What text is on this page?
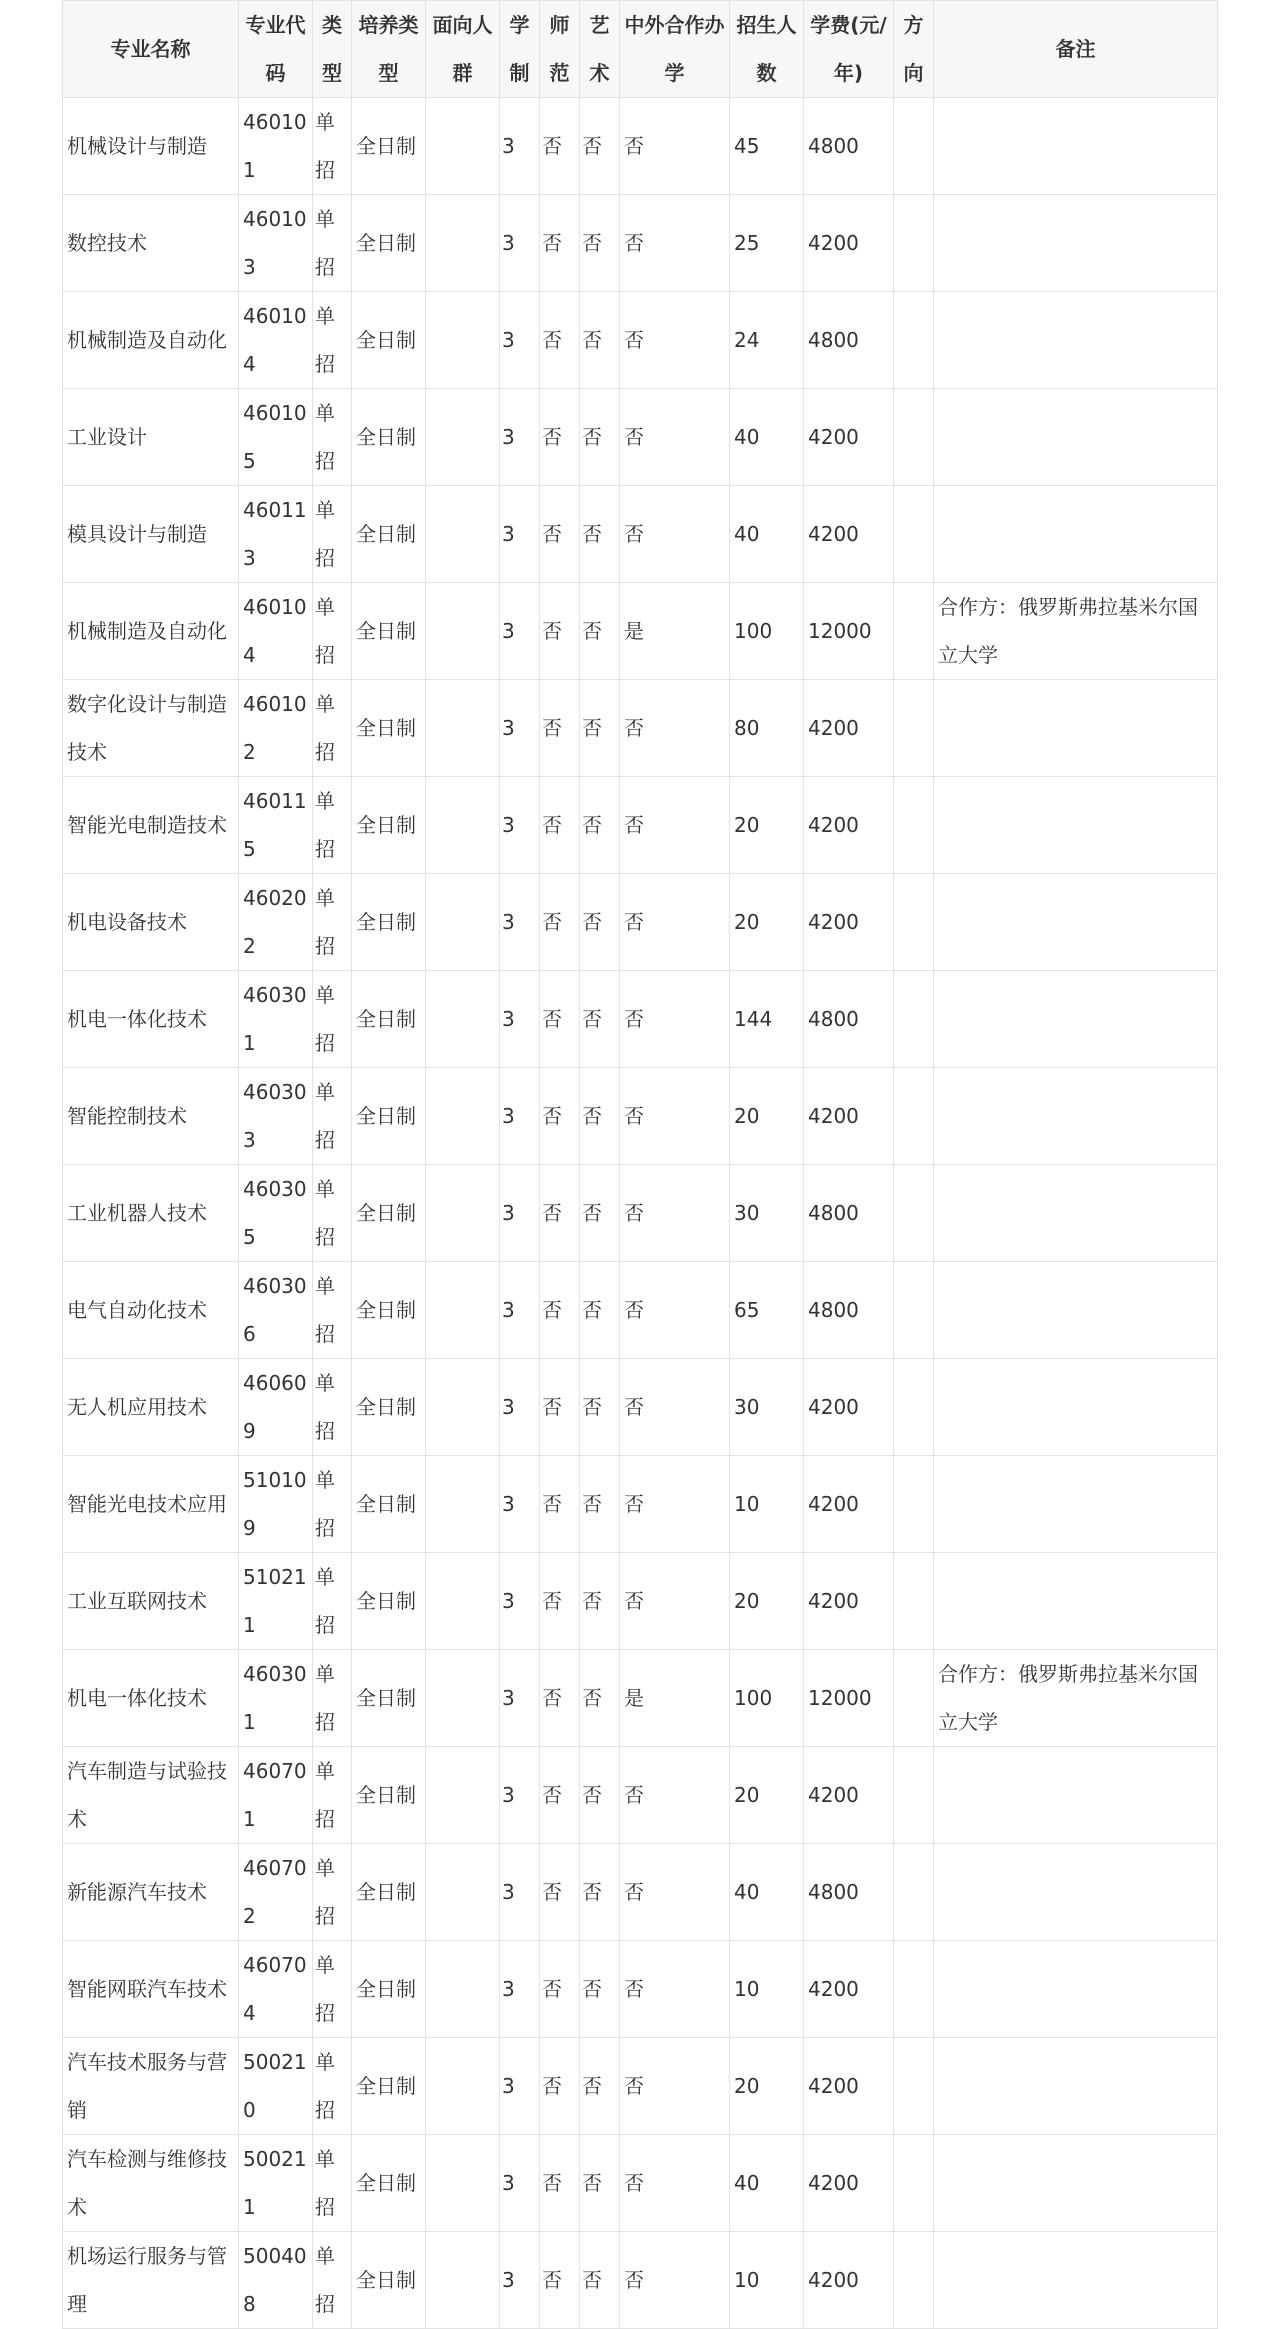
专业名称	专业代码	类型	培养类型	面向人群	学制	师范	艺术	中外合作办学	招生人数	学费(元/年)	方向	备注
机械设计与制造	460101	单招	全日制		3	否	否	否	45	4800		
数控技术	460103	单招	全日制		3	否	否	否	25	4200		
机械制造及自动化	460104	单招	全日制		3	否	否	否	24	4800		
工业设计	460105	单招	全日制		3	否	否	否	40	4200		
模具设计与制造	460113	单招	全日制		3	否	否	否	40	4200		
机械制造及自动化	460104	单招	全日制		3	否	否	是	100	12000		合作方：俄罗斯弗拉基米尔国立大学
数字化设计与制造技术	460102	单招	全日制		3	否	否	否	80	4200		
智能光电制造技术	460115	单招	全日制		3	否	否	否	20	4200		
机电设备技术	460202	单招	全日制		3	否	否	否	20	4200		
机电一体化技术	460301	单招	全日制		3	否	否	否	144	4800		
智能控制技术	460303	单招	全日制		3	否	否	否	20	4200		
工业机器人技术	460305	单招	全日制		3	否	否	否	30	4800		
电气自动化技术	460306	单招	全日制		3	否	否	否	65	4800		
无人机应用技术	460609	单招	全日制		3	否	否	否	30	4200		
智能光电技术应用	510109	单招	全日制		3	否	否	否	10	4200		
工业互联网技术	510211	单招	全日制		3	否	否	否	20	4200		
机电一体化技术	460301	单招	全日制		3	否	否	是	100	12000		合作方：俄罗斯弗拉基米尔国立大学
汽车制造与试验技术	460701	单招	全日制		3	否	否	否	20	4200		
新能源汽车技术	460702	单招	全日制		3	否	否	否	40	4800		
智能网联汽车技术	460704	单招	全日制		3	否	否	否	10	4200		
汽车技术服务与营销	500210	单招	全日制		3	否	否	否	20	4200		
汽车检测与维修技术	500211	单招	全日制		3	否	否	否	40	4200		
机场运行服务与管理	500408	单招	全日制		3	否	否	否	10	4200		
